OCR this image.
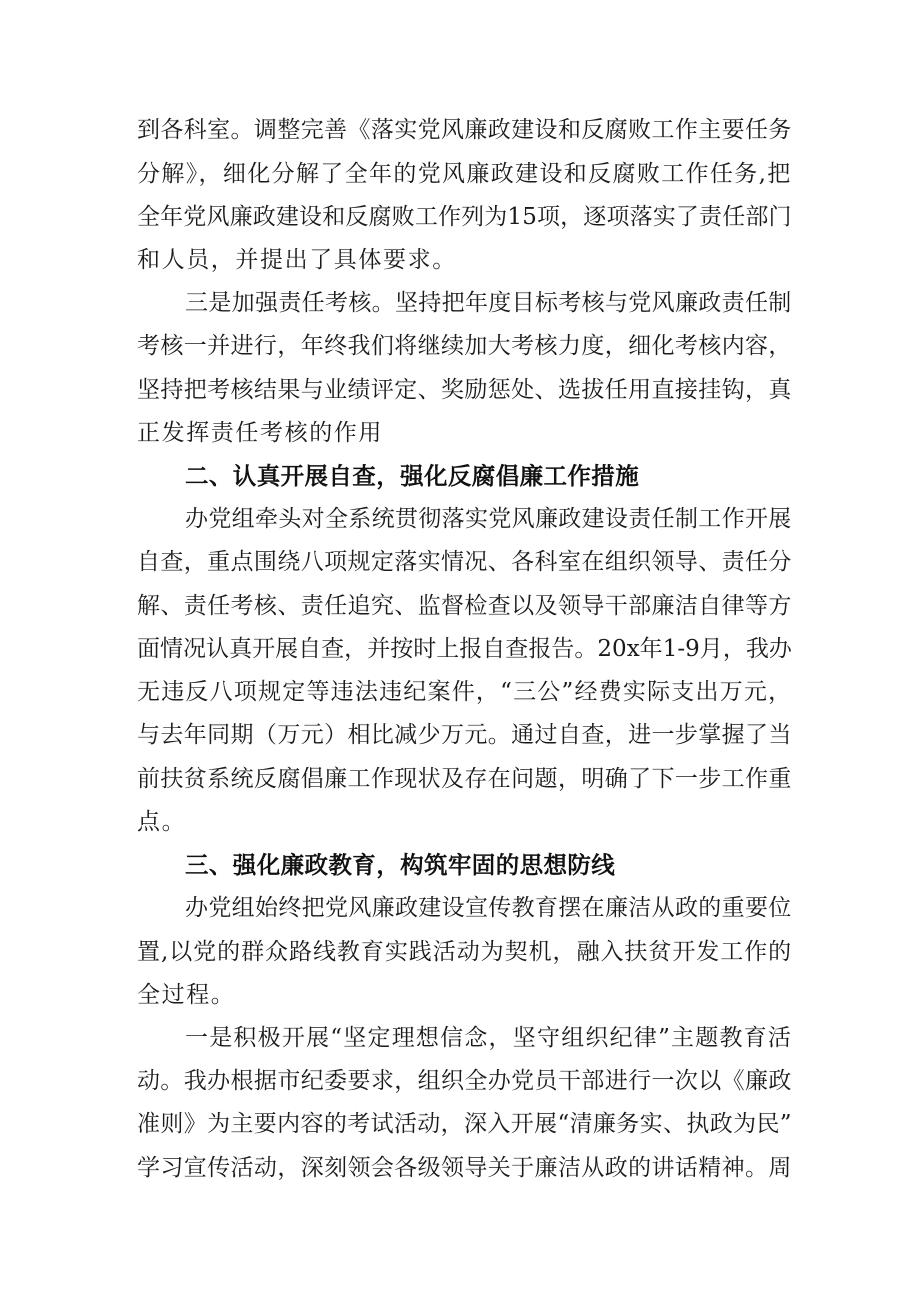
到各科室。调整完善《落实党风廉政建设和反腐败工作主要任务
分解》，细化分解了全年的党风廉政建设和反腐败工作任务,把
全年党风廉政建设和反腐败工作列为15项，逐项落实了责任部门
和人员，并提出了具体要求。
三是加强责任考核。坚持把年度目标考核与党风廉政责任制
考核一并进行，年终我们将继续加大考核力度，细化考核内容，
坚持把考核结果与业绩评定、奖励惩处、选拔任用直接挂钩，真
正发挥责任考核的作用
二、认真开展自查，强化反腐倡廉工作措施
办党组牵头对全系统贯彻落实党风廉政建设责任制工作开展
自查，重点围绕八项规定落实情况、各科室在组织领导、责任分
解、责任考核、责任追究、监督检查以及领导干部廉洁自律等方
面情况认真开展自查，并按时上报自查报告。20x年1-9月，我办
无违反八项规定等违法违纪案件，“三公”经费实际支出万元，
与去年同期（万元）相比减少万元。通过自查，进一步掌握了当
前扶贫系统反腐倡廉工作现状及存在问题，明确了下一步工作重
点。
三、强化廉政教育，构筑牢固的思想防线
办党组始终把党风廉政建设宣传教育摆在廉洁从政的重要位
置,以党的群众路线教育实践活动为契机，融入扶贫开发工作的
全过程。
一是积极开展“坚定理想信念，坚守组织纪律”主题教育活
动。我办根据市纪委要求，组织全办党员干部进行一次以《廉政
准则》为主要内容的考试活动，深入开展“清廉务实、执政为民”
学习宣传活动，深刻领会各级领导关于廉洁从政的讲话精神。周
